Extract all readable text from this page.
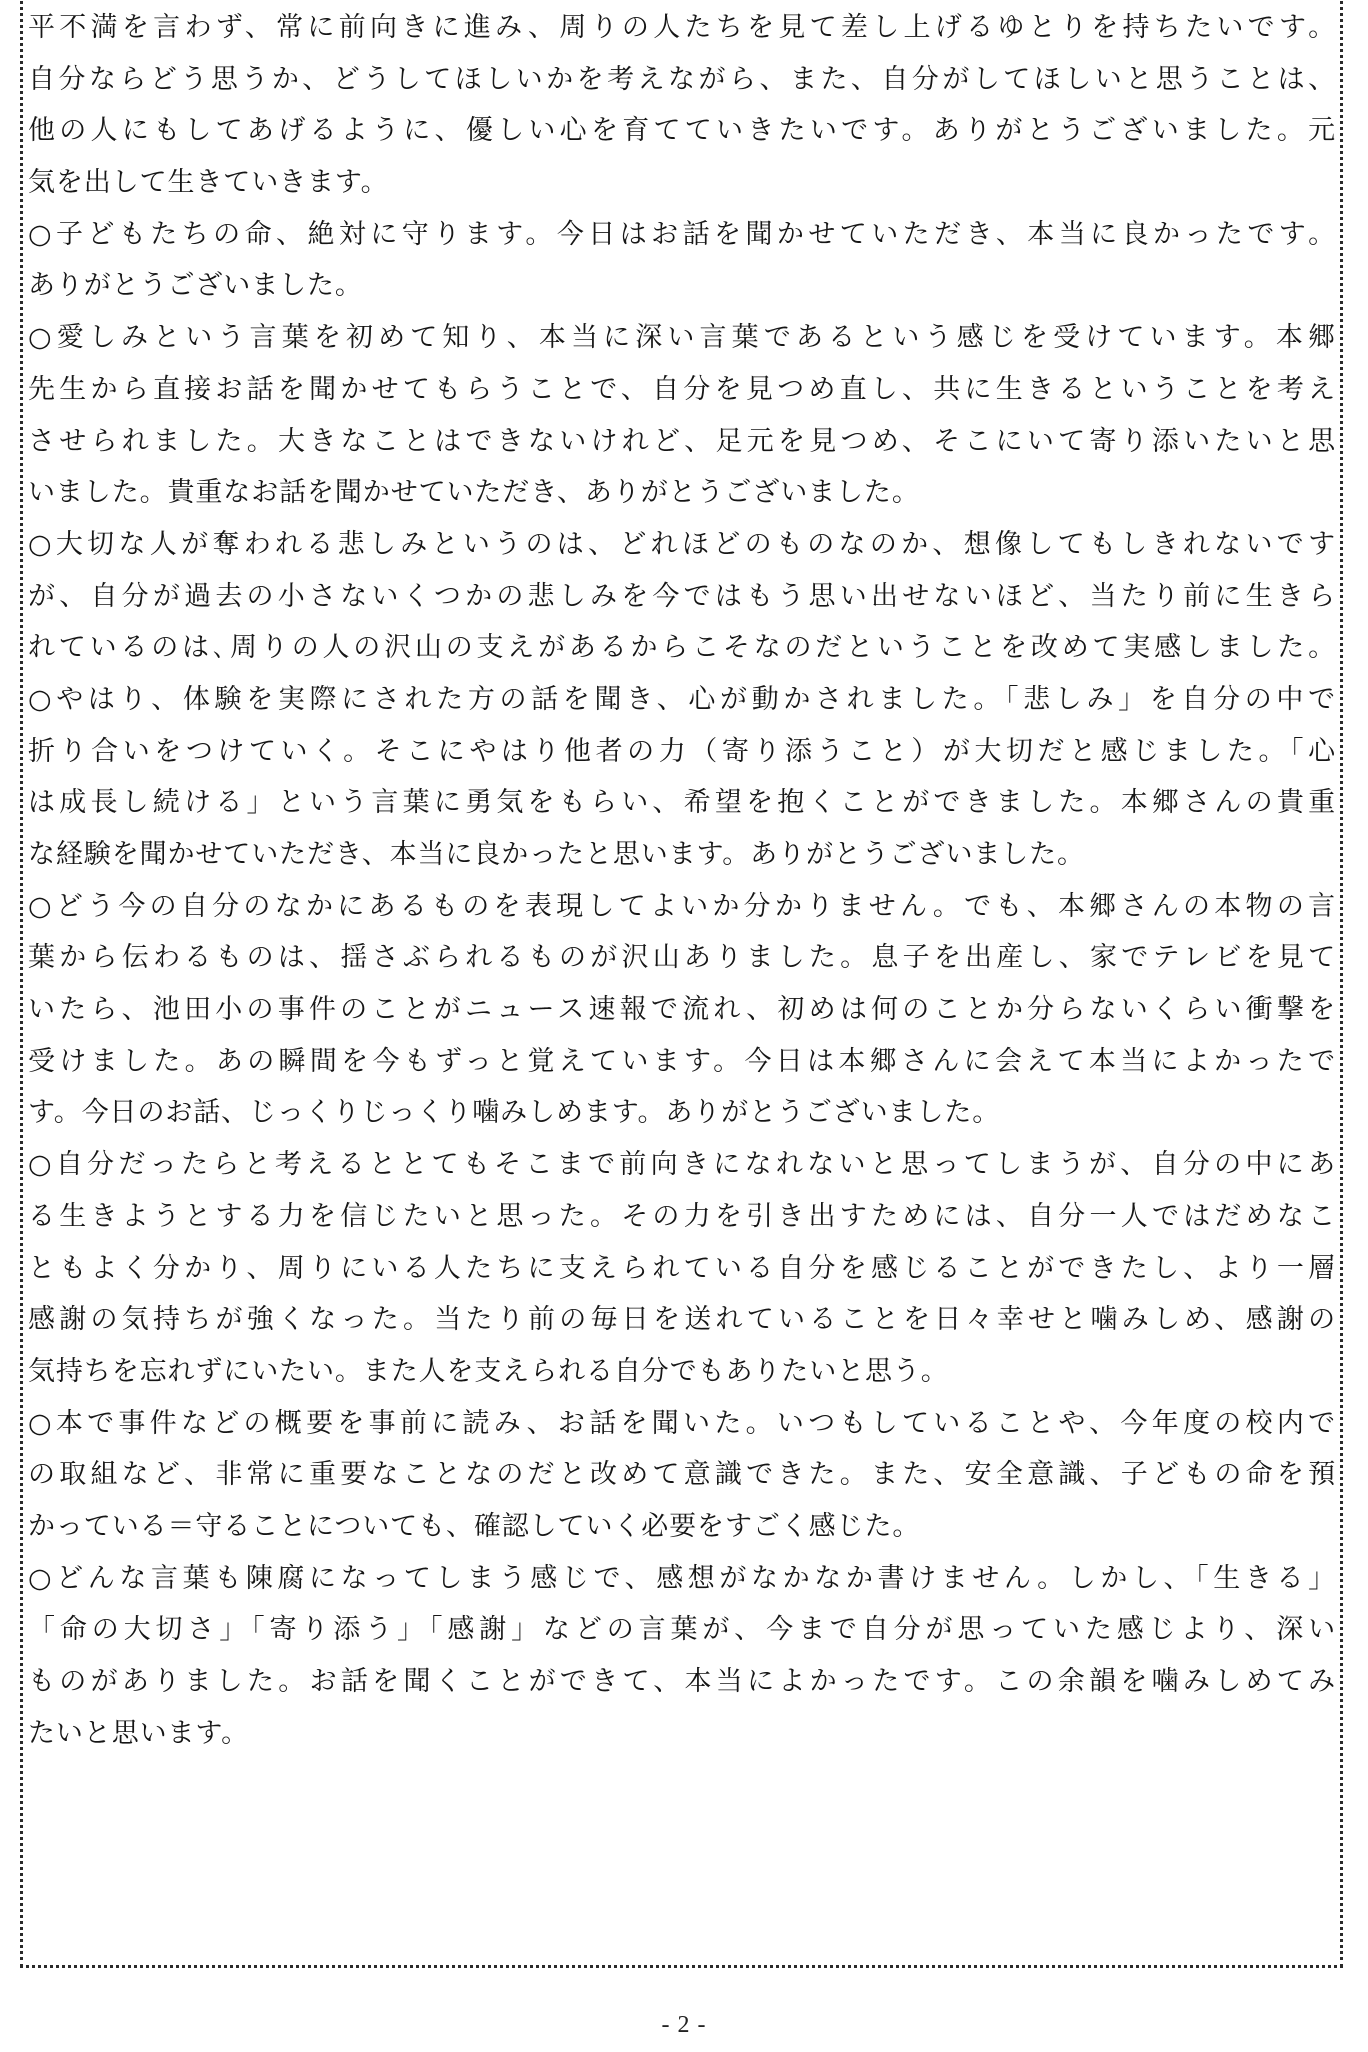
平不満を言わず、常に前向きに進み、周りの人たちを見て差し上げるゆとりを持ちたいです。
自分ならどう思うか、どうしてほしいかを考えながら、また、自分がしてほしいと思うことは、
他の人にもしてあげるように、優しい心を育てていきたいです。ありがとうございました。元
気を出して生きていきます。
○子どもたちの命、絶対に守ります。今日はお話を聞かせていただき、本当に良かったです。
ありがとうございました。
○愛
しみという言葉を初めて知り、本当に深い言葉であるという感じを受けています。本郷
先生から直接お話を聞かせてもらうことで、自分を見つめ直し、共に生きるということを考え
させられました。大きなことはできないけれど、足元を見つめ、そこにいて寄り添いたいと思
いました。貴重なお話を聞かせていただき、ありがとうございました。
○大切な人が奪われる悲しみというのは、どれほどのものなのか、想像してもしきれないです
が、自分が過去の小さないくつかの悲しみを今ではもう思い出せないほど、当たり前に生きら
れているのは､周りの人の沢山の支えがあるからこそなのだということを改めて実感しました。
○やはり、体験を実際にされた方の話を聞き、心が動かされました。「悲しみ」を自分の中で
折り合いをつけていく。そこにやはり他者の力（寄り添うこと）が大切だと感じました。「心
は成長し続ける」という言葉に勇気をもらい、希望を抱くことができました。本郷さんの貴重
な経験を聞かせていただき、本当に良かったと思います。ありがとうございました。
○どう今の自分のなかにあるものを表現してよいか分かりません。でも、本郷さんの本物の言
葉から伝わるものは、揺さぶられるものが沢山ありました。息子を出産し、家でテレビを見て
いたら、池田小の事件のことがニュース速報で流れ、初めは何のことか分らないくらい衝撃を
受けました。あの瞬間を今もずっと覚えています。今日は本郷さんに会えて本当によかったで
す。今日のお話、じっくりじっくり噛みしめます。ありがとうございました。
○自分だったらと考えるととてもそこまで前向きになれないと思ってしまうが、自分の中にあ
る生きようとする力を信じたいと思った。その力を引き出すためには、自分一人ではだめなこ
ともよく分かり、周りにいる人たちに支えられている自分を感じることができたし、より一層
感謝の気持ちが強くなった。当たり前の毎日を送れていることを日々幸せと噛みしめ、感謝の
気持ちを忘れずにいたい。また人を支えられる自分でもありたいと思う。
○本で事件などの概要を事前に読み、お話を聞いた。いつもしていることや、今年度の校内で
の取組など、非常に重要なことなのだと改めて意識できた。また、安全意識、子どもの命を預
かっている＝守ることについても、確認していく必要をすごく感じた。
○どんな言葉も陳腐になってしまう感じで、感想がなかなか書けません。しかし、「生きる」
「命の大切さ」「寄り添う」「感謝」などの言葉が、今まで自分が思っていた感じより、深い
ものがありました。お話を聞くことができて、本当によかったです。この余韻を噛みしめてみ
たいと思います。
- 2 -
